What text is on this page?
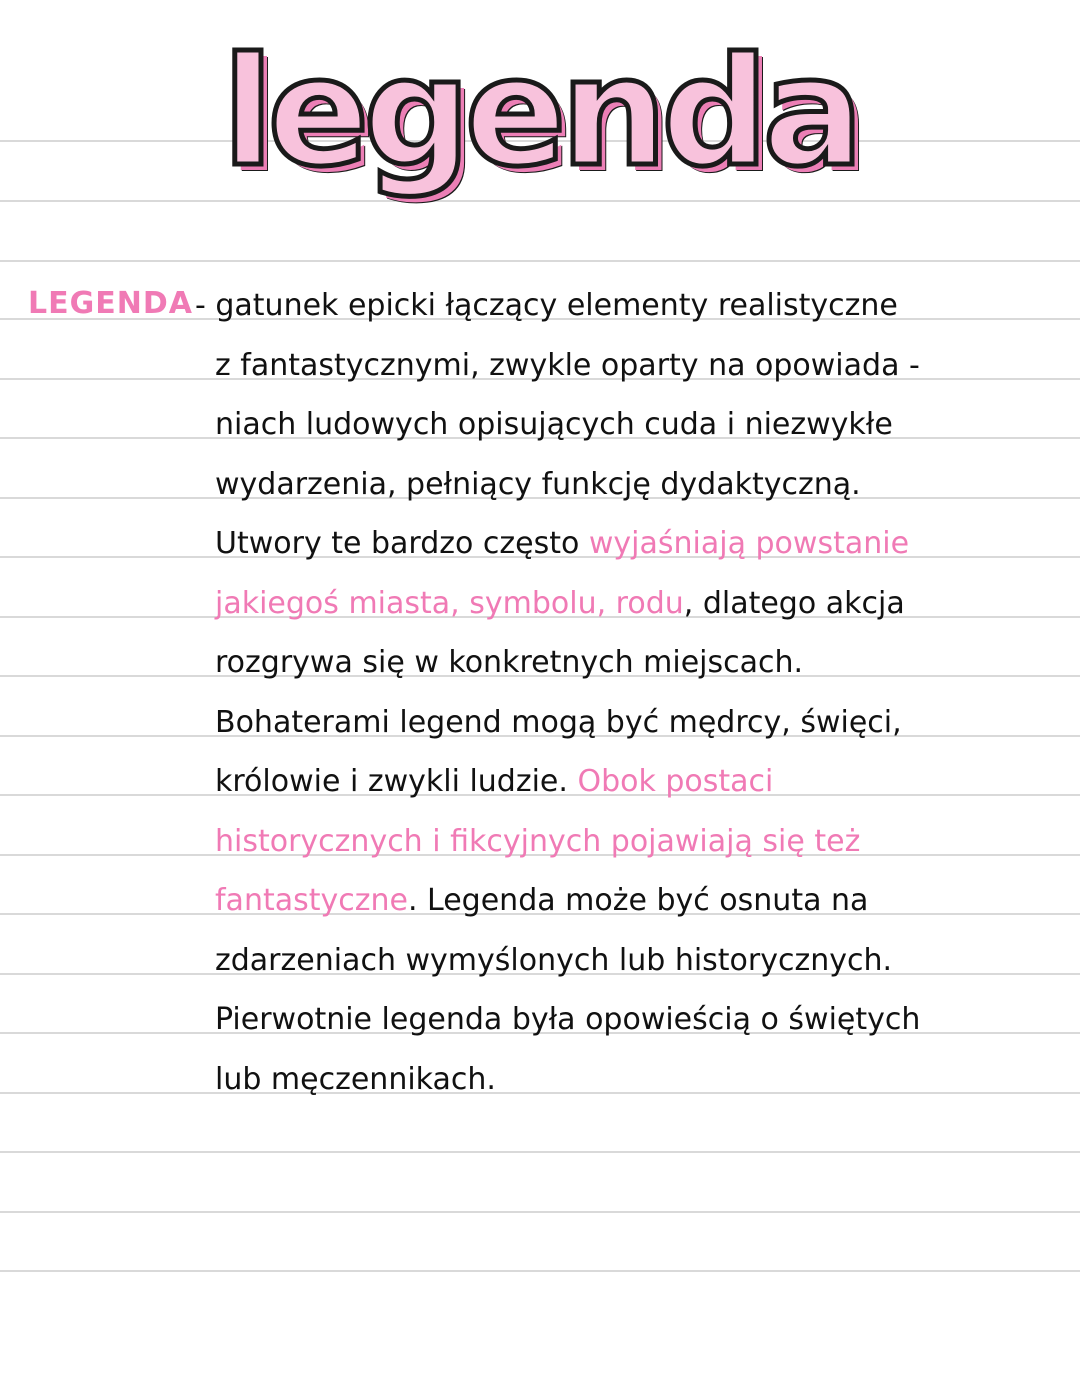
legenda
LEGENDA - gatunek epicki łączący elementy realistyczne
z fantastycznymi, zwykle oparty na opowiada -
niach ludowych opisujących cuda i niezwykłe
wydarzenia, pełniący funkcję dydaktyczną.
Utwory te bardzo często wyjaśniają powstanie
jakiegoś miasta, symbolu, rodu, dlatego akcja
rozgrywa się w konkretnych miejscach.
Bohaterami legend mogą być mędrcy, święci,
królowie i zwykli ludzie. Obok postaci
historycznych i fikcyjnych pojawiają się też
fantastyczne. Legenda może być osnuta na
zdarzeniach wymyślonych lub historycznych.
Pierwotnie legenda była opowieścią o świętych
lub męczennikach.
